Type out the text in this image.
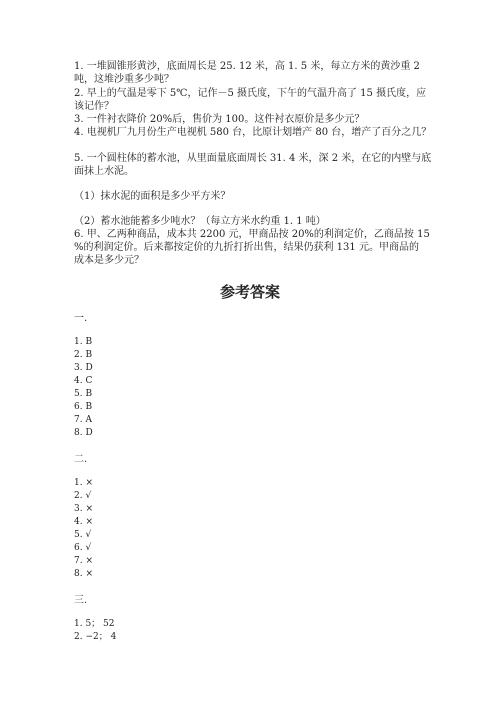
1. 一堆圆锥形黄沙，底面周长是 25. 12 米，高 1. 5 米，每立方米的黄沙重 2
吨，这堆沙重多少吨？
2. 早上的气温是零下 5℃，记作－5 摄氏度，下午的气温升高了 15 摄氏度，应
该记作？
3. 一件衬衣降价 20%后，售价为 100。这件衬衣原价是多少元？
4. 电视机厂九月份生产电视机 580 台，比原计划增产 80 台，增产了百分之几？
5. 一个圆柱体的蓄水池，从里面量底面周长 31. 4 米，深 2 米，在它的内壁与底
面抹上水泥。
（1）抹水泥的面积是多少平方米？
（2）蓄水池能蓄多少吨水？（每立方米水约重 1. 1 吨）
6. 甲、乙两种商品，成本共 2200 元，甲商品按 20%的利润定价，乙商品按 15
%的利润定价。后来都按定价的九折打折出售，结果仍获利 131 元。甲商品的
成本是多少元？
参考答案
一.
1. B
2. B
3. D
4. C
5. B
6. B
7. A
8. D
二.
1. ×
2. √
3. ×
4. ×
5. √
6. √
7. ×
8. ×
三.
1. 5； 52
2. −2； 4
